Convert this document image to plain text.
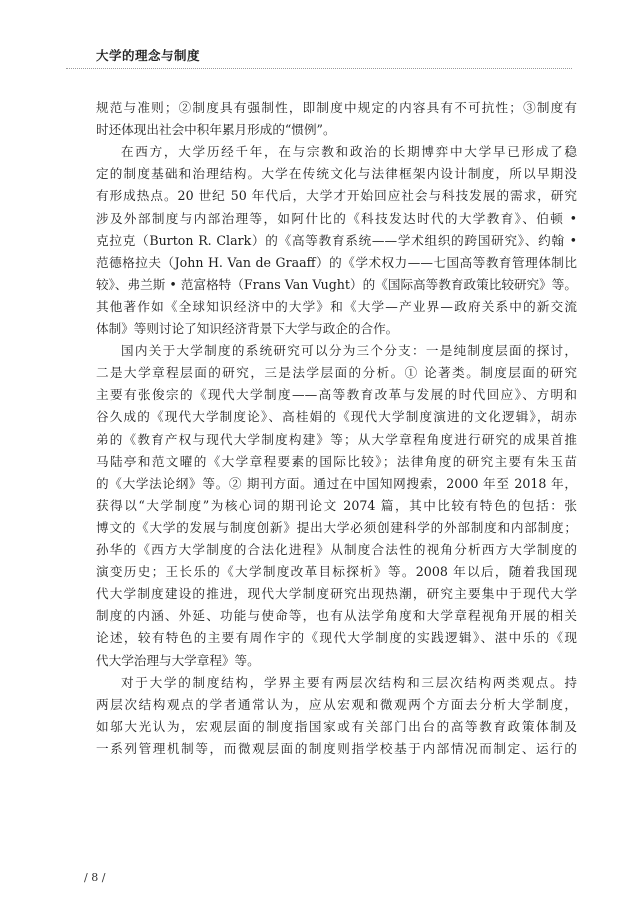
大学的理念与制度
规范与准则；②制度具有强制性，即制度中规定的内容具有不可抗性；③制度有
时还体现出社会中积年累月形成的“惯例”。
在西方，大学历经千年，在与宗教和政治的长期博弈中大学早已形成了稳
定的制度基础和治理结构。大学在传统文化与法律框架内设计制度，所以早期没
有形成热点。20 世纪 50 年代后，大学才开始回应社会与科技发展的需求，研究
涉及外部制度与内部治理等，如阿什比的《科技发达时代的大学教育》、伯顿 •
克拉克（Burton R. Clark）的《高等教育系统——学术组织的跨国研究》、约翰 •
范德格拉夫（John H. Van de Graaff）的《学术权力——七国高等教育管理体制比
较》、弗兰斯 • 范富格特（Frans Van Vught）的《国际高等教育政策比较研究》等。
其他著作如《全球知识经济中的大学》和《大学—产业界—政府关系中的新交流
体制》等则讨论了知识经济背景下大学与政企的合作。
国内关于大学制度的系统研究可以分为三个分支：一是纯制度层面的探讨，
二是大学章程层面的研究，三是法学层面的分析。① 论著类。制度层面的研究
主要有张俊宗的《现代大学制度——高等教育改革与发展的时代回应》、方明和
谷久成的《现代大学制度论》、高桂娟的《现代大学制度演进的文化逻辑》，胡赤
弟的《教育产权与现代大学制度构建》等；从大学章程角度进行研究的成果首推
马陆亭和范文曜的《大学章程要素的国际比较》；法律角度的研究主要有朱玉苗
的《大学法论纲》等。② 期刊方面。通过在中国知网搜索，2000 年至 2018 年，
获得以“大学制度”为核心词的期刊论文 2074 篇，其中比较有特色的包括：张
博文的《大学的发展与制度创新》提出大学必须创建科学的外部制度和内部制度；
孙华的《西方大学制度的合法化进程》从制度合法性的视角分析西方大学制度的
演变历史；王长乐的《大学制度改革目标探析》等。2008 年以后，随着我国现
代大学制度建设的推进，现代大学制度研究出现热潮，研究主要集中于现代大学
制度的内涵、外延、功能与使命等，也有从法学角度和大学章程视角开展的相关
论述，较有特色的主要有周作宇的《现代大学制度的实践逻辑》、湛中乐的《现
代大学治理与大学章程》等。
对于大学的制度结构，学界主要有两层次结构和三层次结构两类观点。持
两层次结构观点的学者通常认为，应从宏观和微观两个方面去分析大学制度，
如邬大光认为，宏观层面的制度指国家或有关部门出台的高等教育政策体制及
一系列管理机制等，而微观层面的制度则指学校基于内部情况而制定、运行的
/ 8 /
